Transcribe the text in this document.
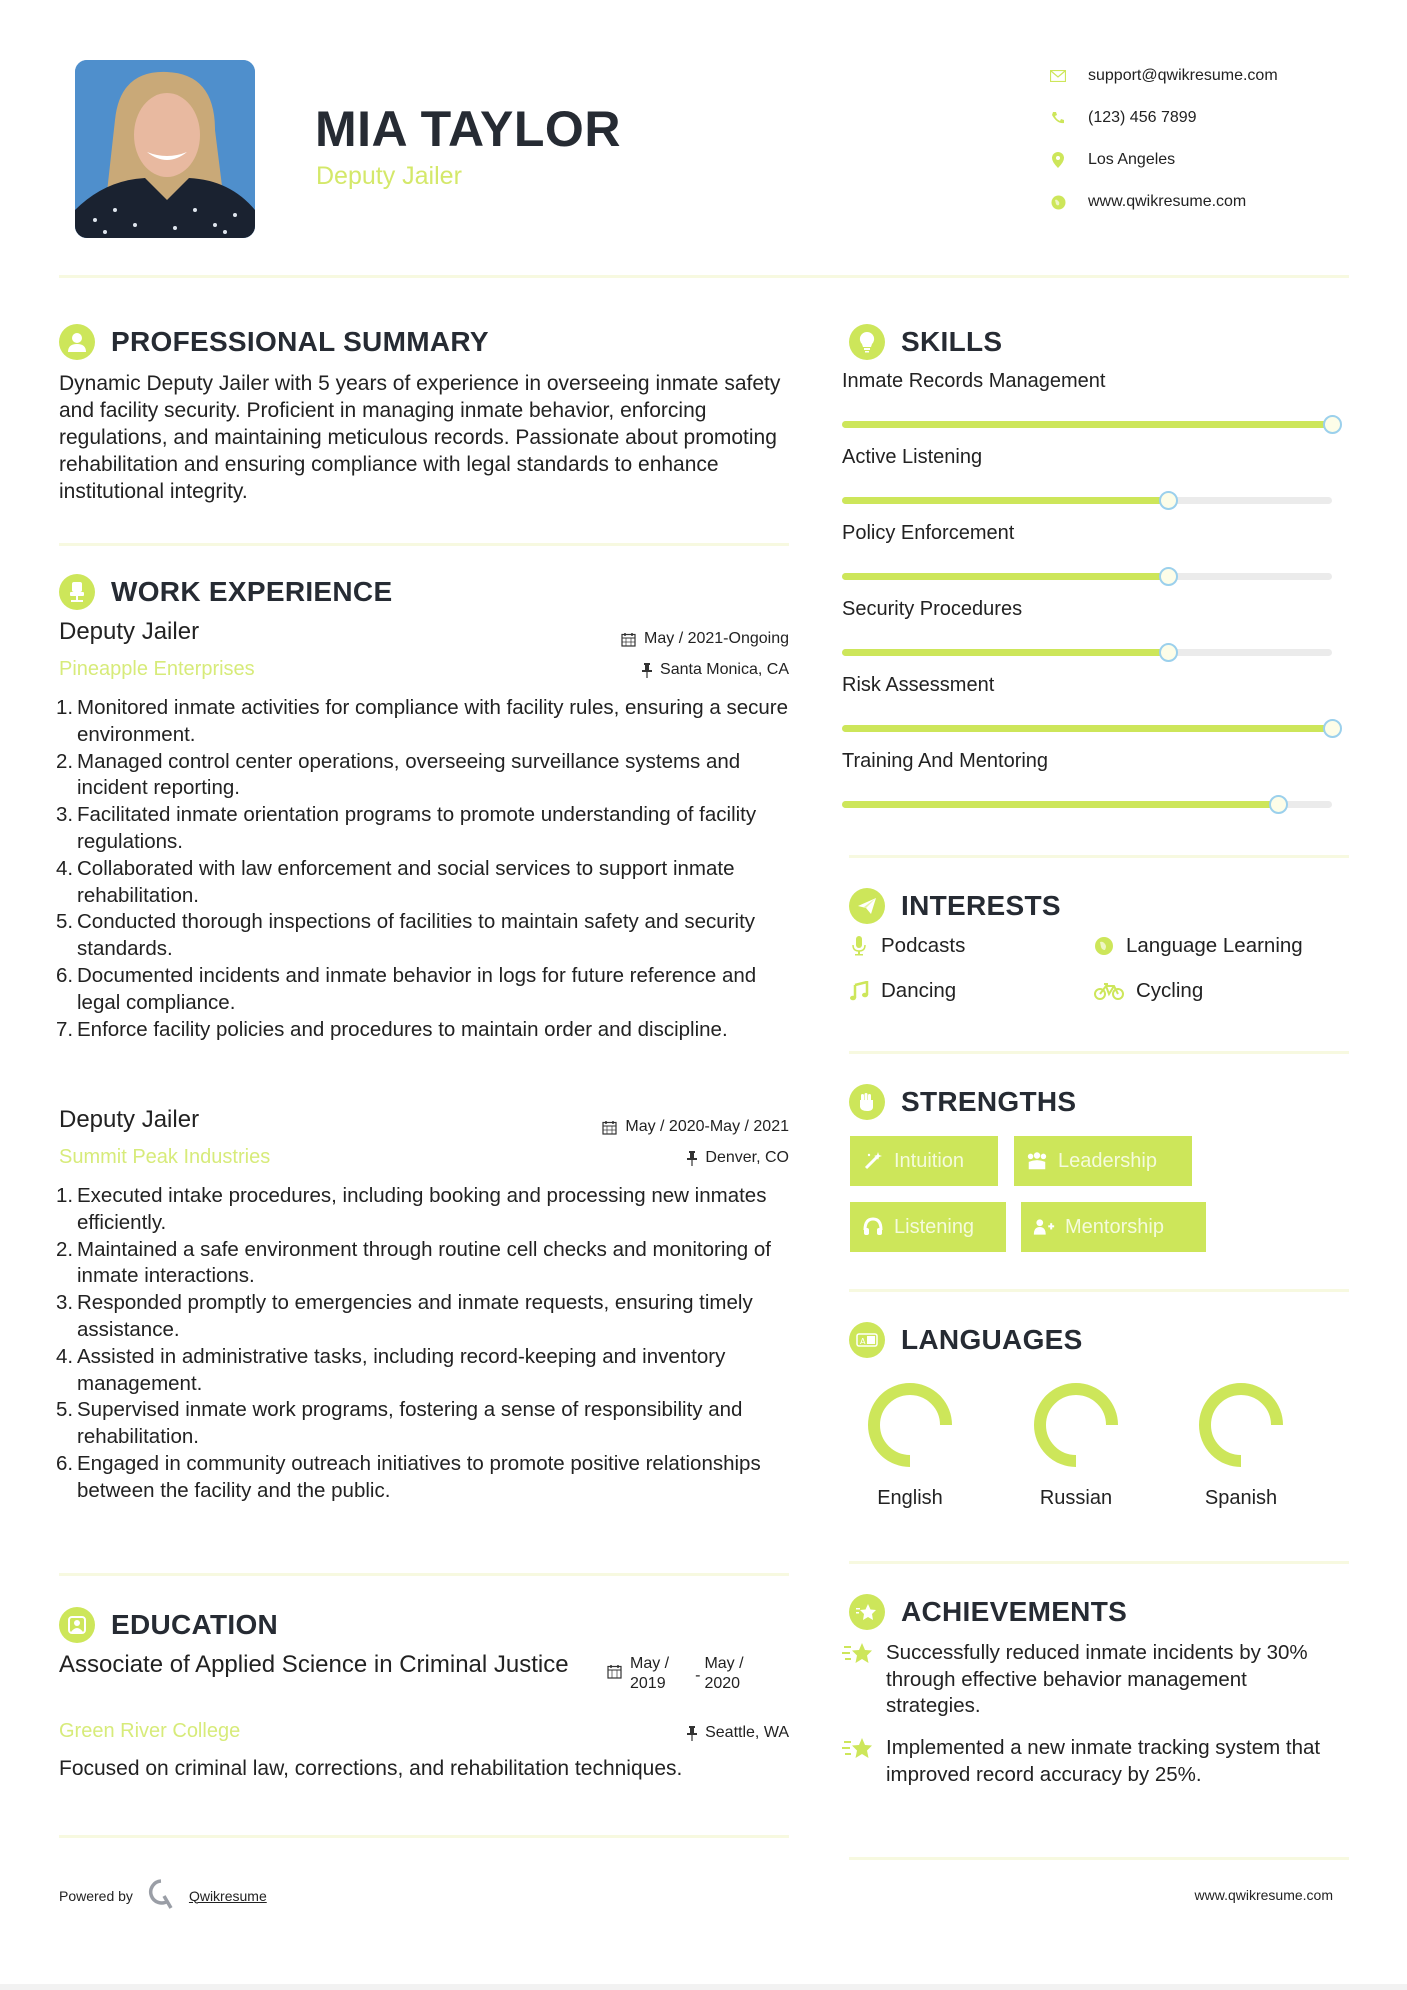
MIA TAYLOR
Deputy Jailer
support@qwikresume.com
(123) 456 7899
Los Angeles
www.qwikresume.com
PROFESSIONAL SUMMARY
Dynamic Deputy Jailer with 5 years of experience in overseeing inmate safety and facility security. Proficient in managing inmate behavior, enforcing regulations, and maintaining meticulous records. Passionate about promoting rehabilitation and ensuring compliance with legal standards to enhance institutional integrity.
WORK EXPERIENCE
Deputy Jailer
Pineapple Enterprises
May / 2021-Ongoing
Santa Monica, CA
1. Monitored inmate activities for compliance with facility rules, ensuring a secure environment.
2. Managed control center operations, overseeing surveillance systems and incident reporting.
3. Facilitated inmate orientation programs to promote understanding of facility regulations.
4. Collaborated with law enforcement and social services to support inmate rehabilitation.
5. Conducted thorough inspections of facilities to maintain safety and security standards.
6. Documented incidents and inmate behavior in logs for future reference and legal compliance.
7. Enforce facility policies and procedures to maintain order and discipline.
Deputy Jailer
Summit Peak Industries
May / 2020-May / 2021
Denver, CO
1. Executed intake procedures, including booking and processing new inmates efficiently.
2. Maintained a safe environment through routine cell checks and monitoring of inmate interactions.
3. Responded promptly to emergencies and inmate requests, ensuring timely assistance.
4. Assisted in administrative tasks, including record-keeping and inventory management.
5. Supervised inmate work programs, fostering a sense of responsibility and rehabilitation.
6. Engaged in community outreach initiatives to promote positive relationships between the facility and the public.
EDUCATION
Associate of Applied Science in Criminal Justice	May /
2019 -
May /
2020
Green River College	Seattle, WA
Focused on criminal law, corrections, and rehabilitation techniques.
SKILLS
Inmate Records Management
Active Listening
Policy Enforcement
Security Procedures
Risk Assessment
Training And Mentoring
INTERESTS
Podcasts	Language Learning
Dancing	Cycling
STRENGTHS
Intuition	Leadership
Listening	Mentorship
A LANGUAGES
English	Russian	Spanish
ACHIEVEMENTS
Successfully reduced inmate incidents by 30% through effective behavior management strategies.
Implemented a new inmate tracking system that improved record accuracy by 25%.
Powered by	Qwikresume	www.qwikresume.com
